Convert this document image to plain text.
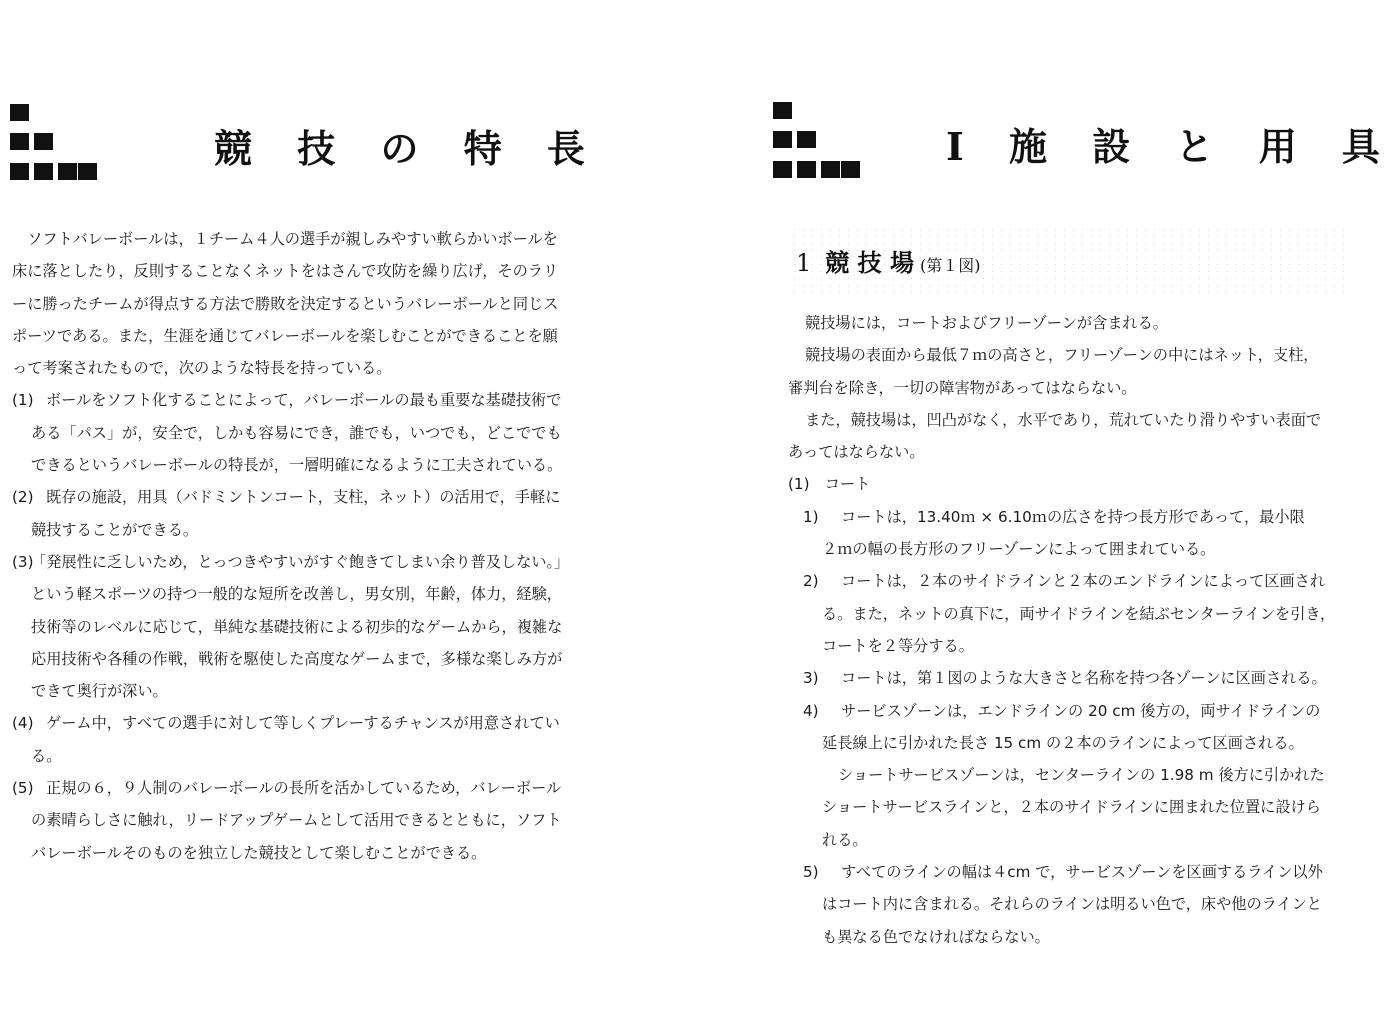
競 技 の 特 長

ソフトバレーボールは，１チーム４人の選手が親しみやすい軟らかいボールを

床に落としたり，反則することなくネットをはさんで攻防を繰り広げ，そのラリ

ーに勝ったチームが得点する方法で勝敗を決定するというバレーボールと同じス

ポーツである。また，生涯を通じてバレーボールを楽しむことができることを願

って考案されたもので，次のような特長を持っている。

(1) ボールをソフト化することによって，バレーボールの最も重要な基礎技術で

ある「パス」が，安全で，しかも容易にでき，誰でも，いつでも，どこででも

できるというバレーボールの特長が，一層明確になるように工夫されている。

(2) 既存の施設，用具（バドミントンコート，支柱，ネット）の活用で，手軽に

競技することができる。

(3)「発展性に乏しいため，とっつきやすいがすぐ飽きてしまい余り普及しない。」

という軽スポーツの持つ一般的な短所を改善し，男女別，年齢，体力，経験，

技術等のレベルに応じて，単純な基礎技術による初歩的なゲームから，複雑な

応用技術や各種の作戦，戦術を駆使した高度なゲームまで，多様な楽しみ方が

できて奥行が深い。

(4) ゲーム中，すべての選手に対して等しくプレーするチャンスが用意されてい

る。

(5) 正規の６，９人制のバレーボールの長所を活かしているため，バレーボール

の素晴らしさに触れ，リードアップゲームとして活用できるとともに，ソフト

バレーボールそのものを独立した競技として楽しむことができる。

Ⅰ 施 設 と 用 具
1 競 技 場 (第１図)

競技場には，コートおよびフリーゾーンが含まれる。

競技場の表面から最低７ｍの高さと，フリーゾーンの中にはネット，支柱，

審判台を除き，一切の障害物があってはならない。

また，競技場は，凹凸がなく，水平であり，荒れていたり滑りやすい表面で

あってはならない。

(1)　コート

1) コートは，13.40ｍ × 6.10ｍの広さを持つ長方形であって，最小限

２ｍの幅の長方形のフリーゾーンによって囲まれている。

2) コートは，２本のサイドラインと２本のエンドラインによって区画され

る。また，ネットの真下に，両サイドラインを結ぶセンターラインを引き，

コートを２等分する。

3) コートは，第１図のような大きさと名称を持つ各ゾーンに区画される。

4) サービスゾーンは，エンドラインの 20 cm 後方の，両サイドラインの

延長線上に引かれた長さ 15 cm の２本のラインによって区画される。

ショートサービスゾーンは，センターラインの 1.98 m 後方に引かれた

ショートサービスラインと，２本のサイドラインに囲まれた位置に設けら

れる。

5) すべてのラインの幅は４cm で，サービスゾーンを区画するライン以外

はコート内に含まれる。それらのラインは明るい色で，床や他のラインと

も異なる色でなければならない。
